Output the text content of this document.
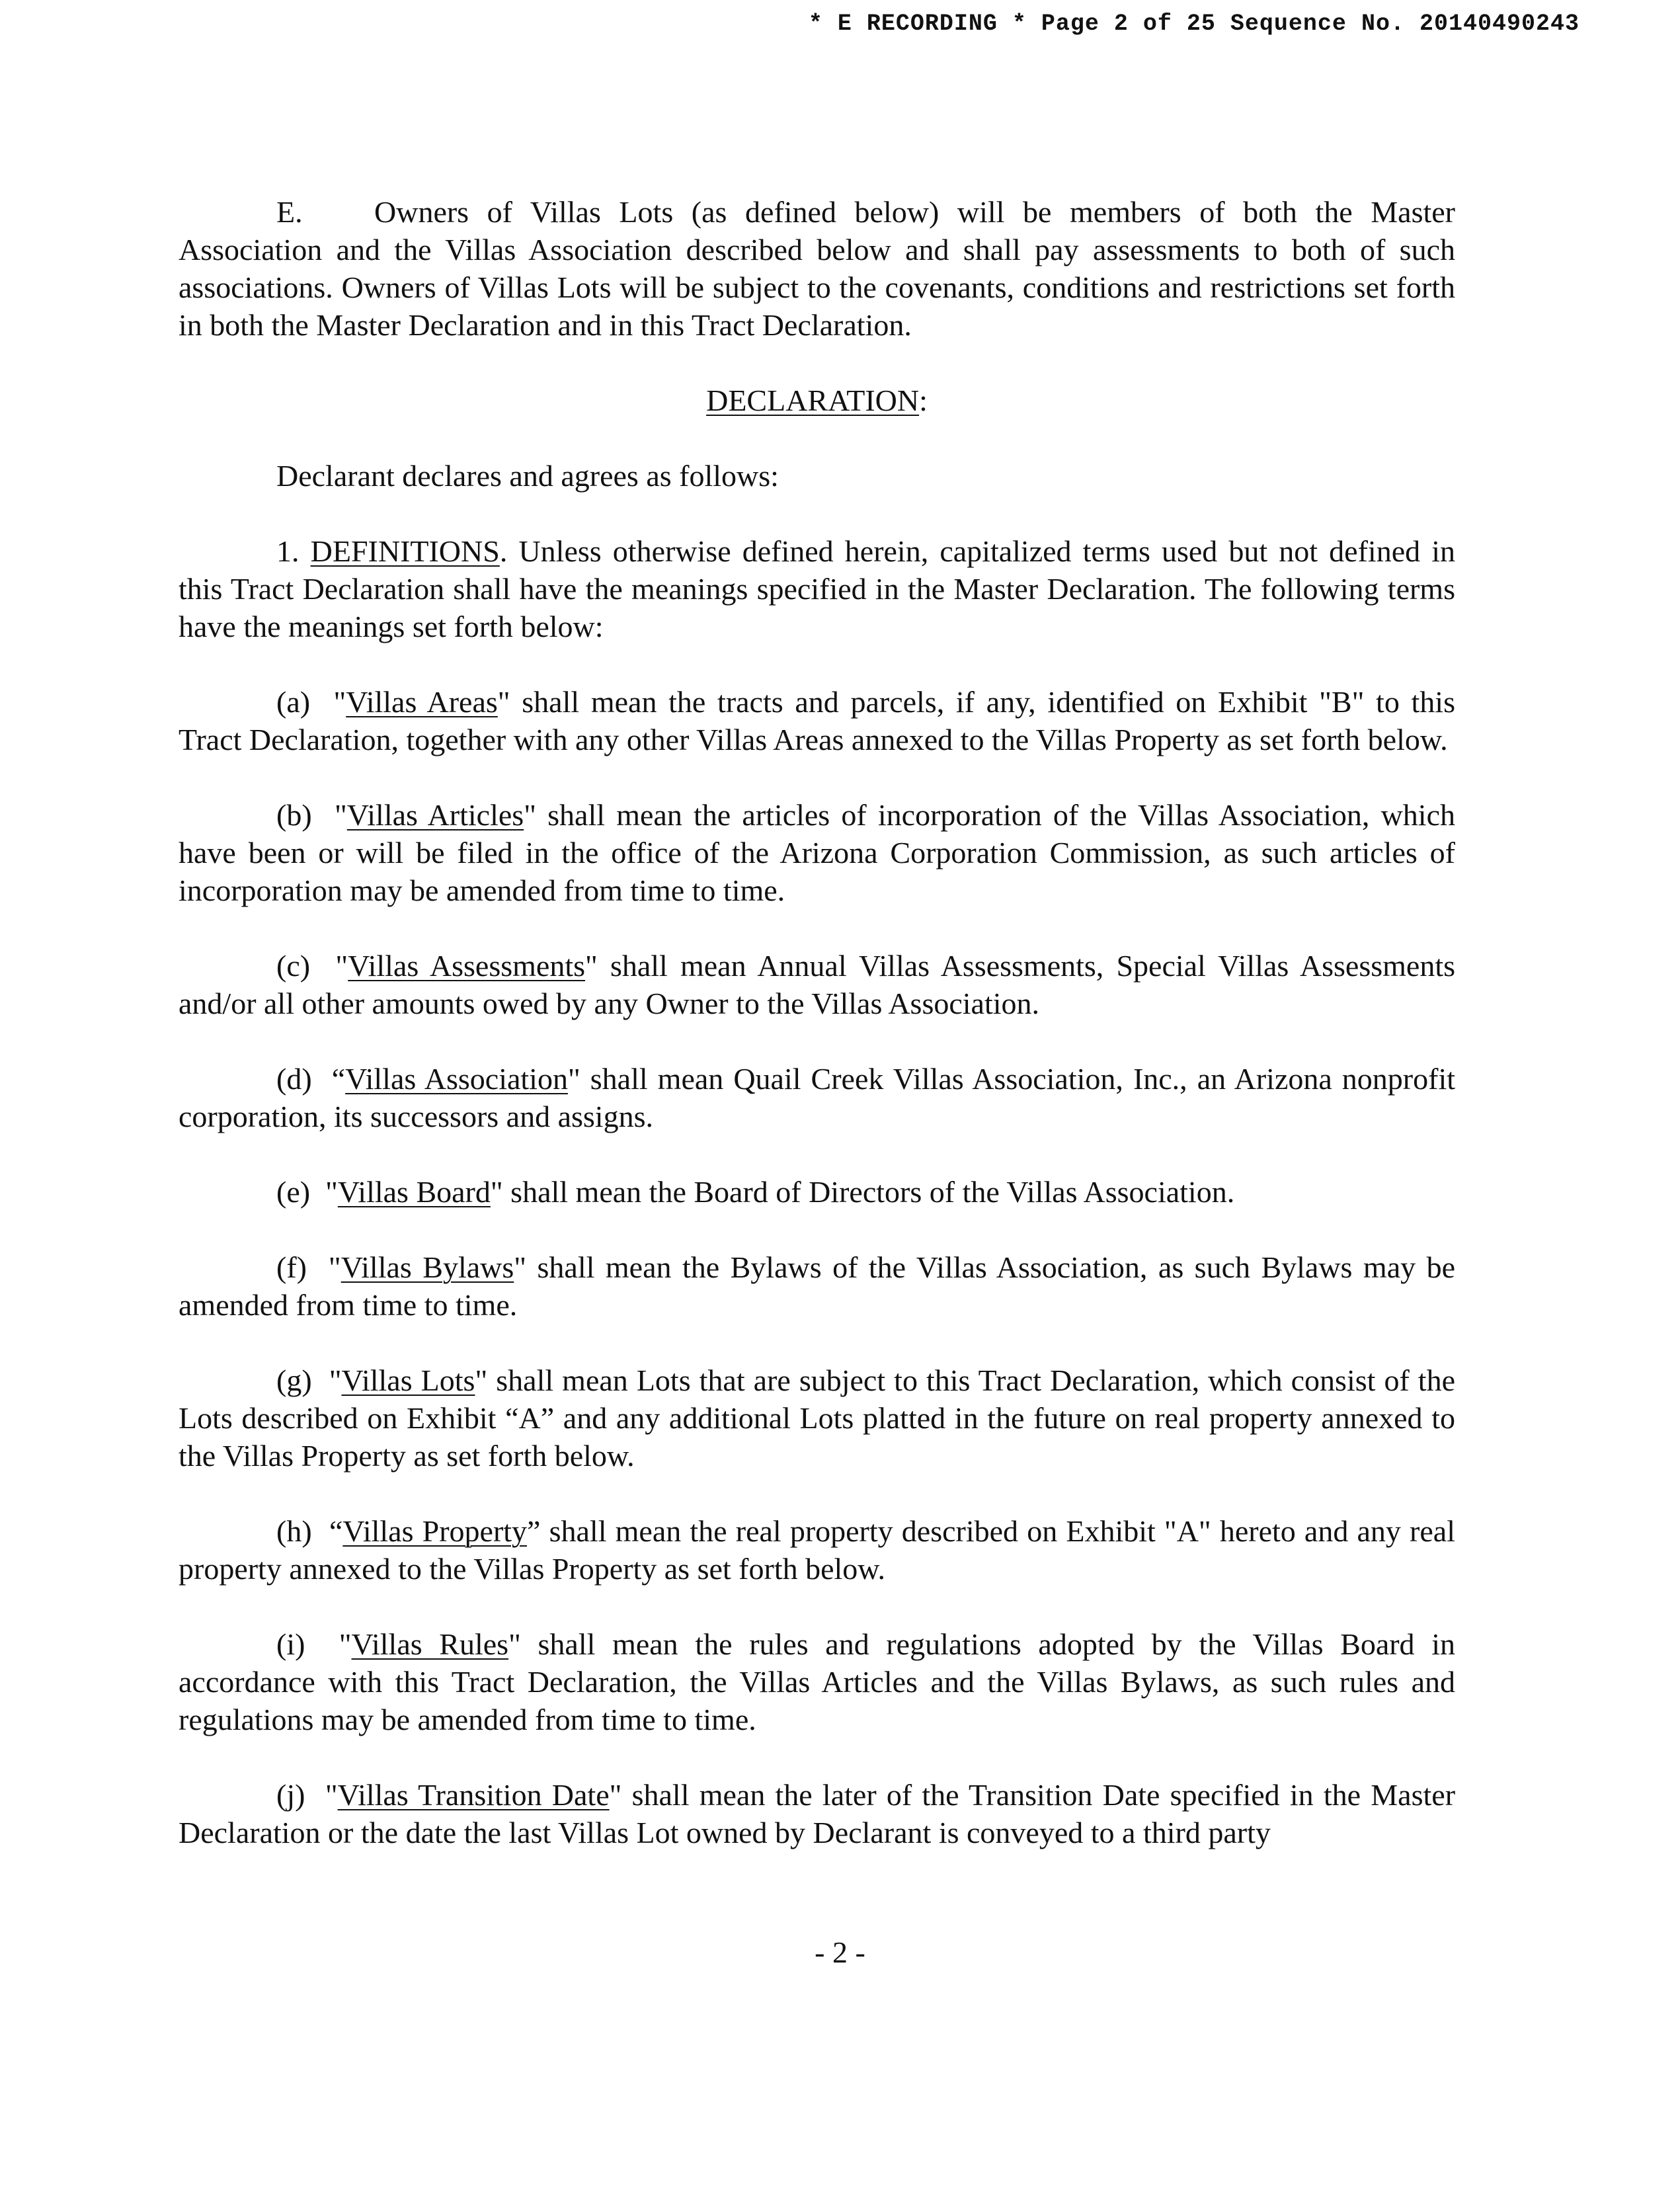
* E RECORDING * Page 2 of 25 Sequence No. 20140490243

E. Owners of Villas Lots (as defined below) will be members of both the Master Association and the Villas Association described below and shall pay assessments to both of such associations. Owners of Villas Lots will be subject to the covenants, conditions and restrictions set forth in both the Master Declaration and in this Tract Declaration.

DECLARATION:

Declarant declares and agrees as follows:

1. DEFINITIONS. Unless otherwise defined herein, capitalized terms used but not defined in this Tract Declaration shall have the meanings specified in the Master Declaration. The following terms have the meanings set forth below:

(a) "Villas Areas" shall mean the tracts and parcels, if any, identified on Exhibit "B" to this Tract Declaration, together with any other Villas Areas annexed to the Villas Property as set forth below.

(b) "Villas Articles" shall mean the articles of incorporation of the Villas Association, which have been or will be filed in the office of the Arizona Corporation Commission, as such articles of incorporation may be amended from time to time.

(c) "Villas Assessments" shall mean Annual Villas Assessments, Special Villas Assessments and/or all other amounts owed by any Owner to the Villas Association.

(d) “Villas Association" shall mean Quail Creek Villas Association, Inc., an Arizona nonprofit corporation, its successors and assigns.

(e) "Villas Board" shall mean the Board of Directors of the Villas Association.

(f) "Villas Bylaws" shall mean the Bylaws of the Villas Association, as such Bylaws may be amended from time to time.

(g) "Villas Lots" shall mean Lots that are subject to this Tract Declaration, which consist of the Lots described on Exhibit “A” and any additional Lots platted in the future on real property annexed to the Villas Property as set forth below.

(h) “Villas Property” shall mean the real property described on Exhibit "A" hereto and any real property annexed to the Villas Property as set forth below.

(i) "Villas Rules" shall mean the rules and regulations adopted by the Villas Board in accordance with this Tract Declaration, the Villas Articles and the Villas Bylaws, as such rules and regulations may be amended from time to time.

(j) "Villas Transition Date" shall mean the later of the Transition Date specified in the Master Declaration or the date the last Villas Lot owned by Declarant is conveyed to a third party

- 2 -
